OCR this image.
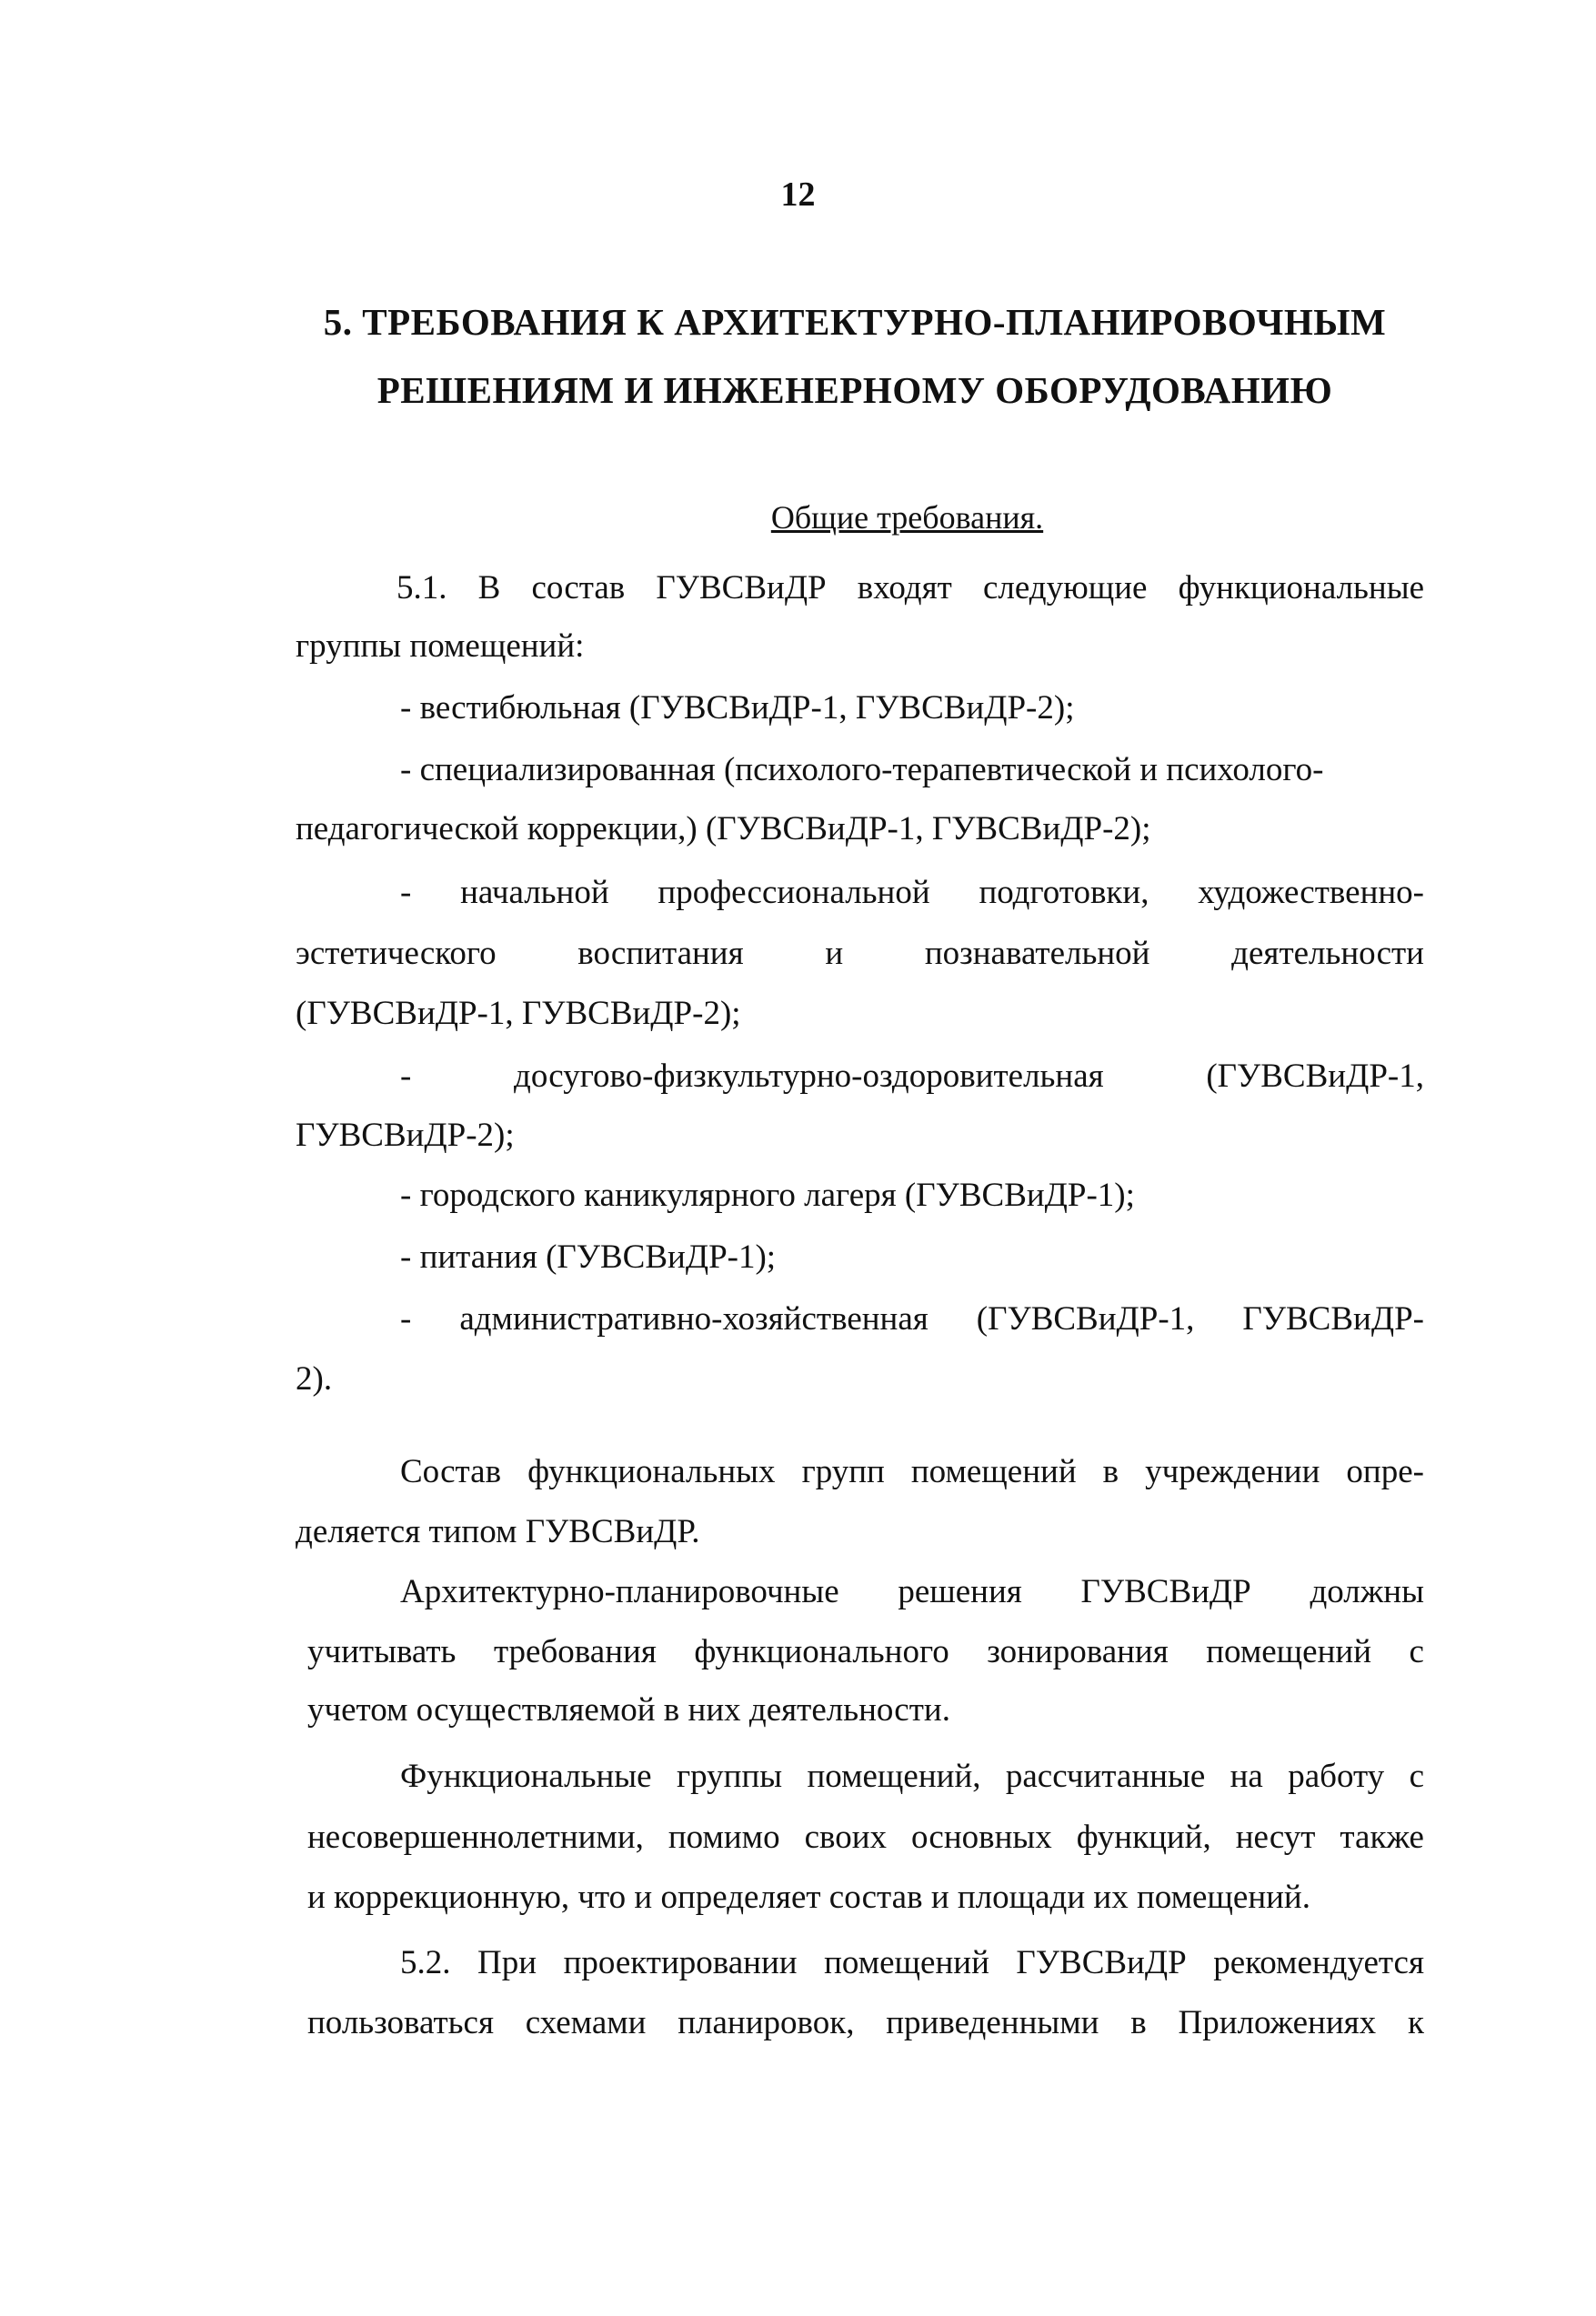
12
5. ТРЕБОВАНИЯ К АРХИТЕКТУРНО-ПЛАНИРОВОЧНЫМ
РЕШЕНИЯМ И ИНЖЕНЕРНОМУ ОБОРУДОВАНИЮ
Общие требования.
5.1. В состав ГУВСВиДР входят следующие функциональные
группы помещений:
- вестибюльная (ГУВСВиДР-1, ГУВСВиДР-2);
- специализированная (психолого-терапевтической и психолого-
педагогической коррекции,) (ГУВСВиДР-1, ГУВСВиДР-2);
- начальной профессиональной подготовки, художественно-
эстетического воспитания и познавательной деятельности
(ГУВСВиДР-1, ГУВСВиДР-2);
-	досугово-физкультурно-оздоровительная	(ГУВСВиДР-1,
ГУВСВиДР-2);
- городского каникулярного лагеря (ГУВСВиДР-1);
- питания (ГУВСВиДР-1);
- административно-хозяйственная (ГУВСВиДР-1, ГУВСВиДР-
2).
Состав функциональных групп помещений в учреждении опре-
деляется типом ГУВСВиДР.
Архитектурно-планировочные решения ГУВСВиДР должны
учитывать требования функционального зонирования помещений с
учетом осуществляемой в них деятельности.
Функциональные группы помещений, рассчитанные на работу с
несовершеннолетними, помимо своих основных функций, несут также
и коррекционную, что и определяет состав и площади их помещений.
5.2. При проектировании помещений ГУВСВиДР рекомендуется
пользоваться схемами планировок, приведенными в Приложениях к
